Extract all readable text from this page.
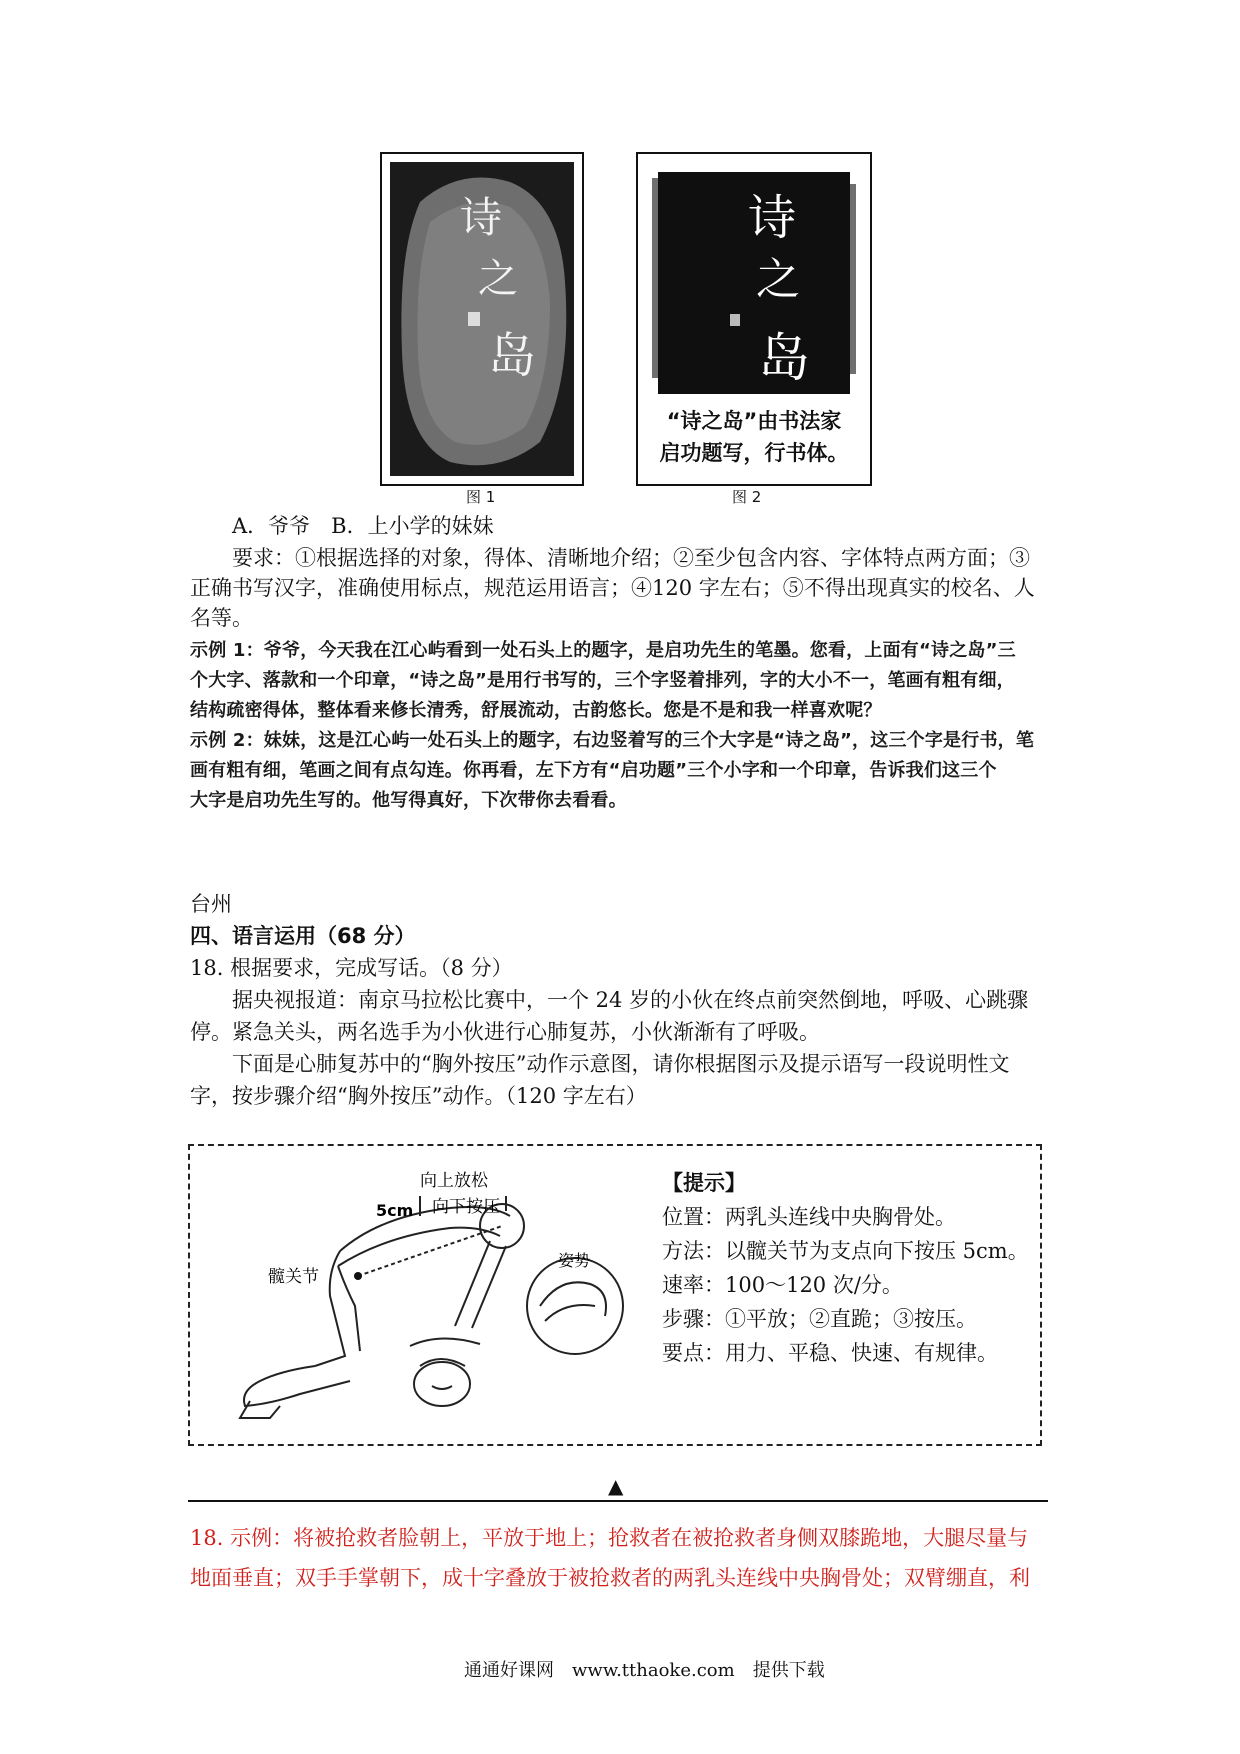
诗
之
岛
图 1
诗
之
岛
“诗之岛”由书法家
启功题写，行书体。
图 2
A．爷爷　B．上小学的妹妹
要求：①根据选择的对象，得体、清晰地介绍；②至少包含内容、字体特点两方面；③
正确书写汉字，准确使用标点，规范运用语言；④120 字左右；⑤不得出现真实的校名、人
名等。
示例 1：爷爷，今天我在江心屿看到一处石头上的题字，是启功先生的笔墨。您看，上面有“诗之岛”三
个大字、落款和一个印章，“诗之岛”是用行书写的，三个字竖着排列，字的大小不一，笔画有粗有细，
结构疏密得体，整体看来修长清秀，舒展流动，古韵悠长。您是不是和我一样喜欢呢？
示例 2：妹妹，这是江心屿一处石头上的题字，右边竖着写的三个大字是“诗之岛”，这三个字是行书，笔
画有粗有细，笔画之间有点勾连。你再看，左下方有“启功题”三个小字和一个印章，告诉我们这三个
大字是启功先生写的。他写得真好，下次带你去看看。
台州
四、语言运用（68 分）
18. 根据要求，完成写话。（8 分）
据央视报道：南京马拉松比赛中，一个 24 岁的小伙在终点前突然倒地，呼吸、心跳骤
停。紧急关头，两名选手为小伙进行心肺复苏，小伙渐渐有了呼吸。
下面是心肺复苏中的“胸外按压”动作示意图，请你根据图示及提示语写一段说明性文
字，按步骤介绍“胸外按压”动作。（120 字左右）
向上放松
向下按压
5cm
髋关节
姿势
【提示】
位置：两乳头连线中央胸骨处。
方法：以髋关节为支点向下按压 5cm。
速率：100～120 次/分。
步骤：①平放；②直跪；③按压。
要点：用力、平稳、快速、有规律。
▲
18. 示例：将被抢救者脸朝上，平放于地上；抢救者在被抢救者身侧双膝跪地，大腿尽量与
地面垂直；双手手掌朝下，成十字叠放于被抢救者的两乳头连线中央胸骨处；双臂绷直，利
通通好课网　www.tthaoke.com　提供下载
